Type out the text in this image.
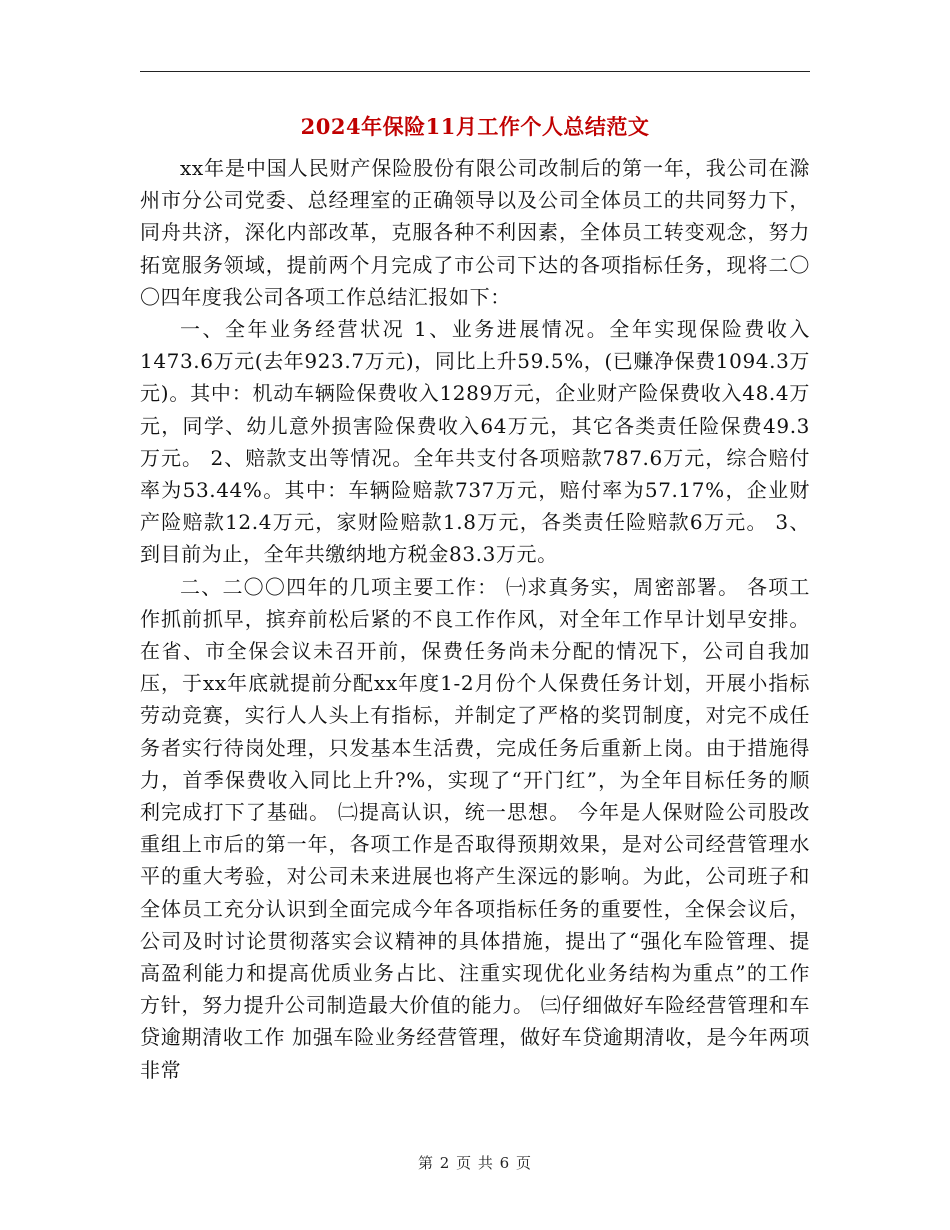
2024年保险11月工作个人总结范文

xx年是中国人民财产保险股份有限公司改制后的第一年，我公司在滁州市分公司党委、总经理室的正确领导以及公司全体员工的共同努力下，同舟共济，深化内部改革，克服各种不利因素，全体员工转变观念，努力拓宽服务领域，提前两个月完成了市公司下达的各项指标任务，现将二〇〇四年度我公司各项工作总结汇报如下：

一、全年业务经营状况 1、业务进展情况。全年实现保险费收入1473.6万元(去年923.7万元)，同比上升59.5%，(已赚净保费1094.3万元)。其中：机动车辆险保费收入1289万元，企业财产险保费收入48.4万元，同学、幼儿意外损害险保费收入64万元，其它各类责任险保费49.3万元。 2、赔款支出等情况。全年共支付各项赔款787.6万元，综合赔付率为53.44%。其中：车辆险赔款737万元，赔付率为57.17%，企业财产险赔款12.4万元，家财险赔款1.8万元，各类责任险赔款6万元。 3、到目前为止，全年共缴纳地方税金83.3万元。

二、二〇〇四年的几项主要工作： ㈠求真务实，周密部署。 各项工作抓前抓早，摈弃前松后紧的不良工作作风，对全年工作早计划早安排。在省、市全保会议未召开前，保费任务尚未分配的情况下，公司自我加压，于xx年底就提前分配xx年度1-2月份个人保费任务计划，开展小指标劳动竞赛，实行人人头上有指标，并制定了严格的奖罚制度，对完不成任务者实行待岗处理，只发基本生活费，完成任务后重新上岗。由于措施得力，首季保费收入同比上升?%，实现了“开门红”，为全年目标任务的顺利完成打下了基础。 ㈡提高认识，统一思想。 今年是人保财险公司股改重组上市后的第一年，各项工作是否取得预期效果，是对公司经营管理水平的重大考验，对公司未来进展也将产生深远的影响。为此，公司班子和全体员工充分认识到全面完成今年各项指标任务的重要性，全保会议后，公司及时讨论贯彻落实会议精神的具体措施，提出了“强化车险管理、提高盈利能力和提高优质业务占比、注重实现优化业务结构为重点”的工作方针，努力提升公司制造最大价值的能力。 ㈢仔细做好车险经营管理和车贷逾期清收工作 加强车险业务经营管理，做好车贷逾期清收，是今年两项非常

第 2 页 共 6 页
